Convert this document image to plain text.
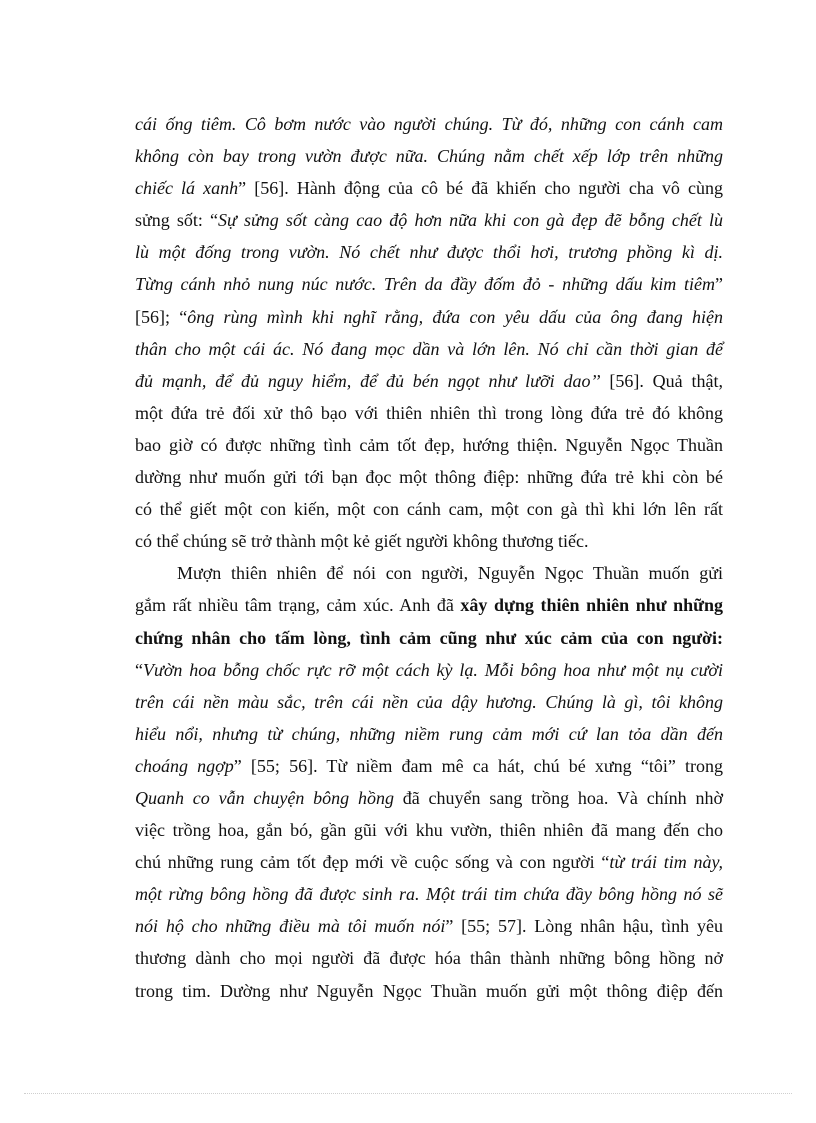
cái ống tiêm. Cô bơm nước vào người chúng. Từ đó, những con cánh cam
không còn bay trong vườn được nữa. Chúng nằm chết xếp lớp trên những
chiếc lá xanh” [56]. Hành động của cô bé đã khiến cho người cha vô cùng
sửng sốt: “Sự sửng sốt càng cao độ hơn nữa khi con gà đẹp đẽ bỗng chết lù
lù một đống trong vườn. Nó chết như được thổi hơi, trương phồng kì dị.
Từng cánh nhỏ nung núc nước. Trên da đầy đốm đỏ - những dấu kim tiêm”
[56]; “ông rùng mình khi nghĩ rằng, đứa con yêu dấu của ông đang hiện
thân cho một cái ác. Nó đang mọc dần và lớn lên. Nó chỉ cần thời gian để
đủ mạnh, để đủ nguy hiểm, để đủ bén ngọt như lưỡi dao’’ [56]. Quả thật,
một đứa trẻ đối xử thô bạo với thiên nhiên thì trong lòng đứa trẻ đó không
bao giờ có được những tình cảm tốt đẹp, hướng thiện. Nguyễn Ngọc Thuần
dường như muốn gửi tới bạn đọc một thông điệp: những đứa trẻ khi còn bé
có thể giết một con kiến, một con cánh cam, một con gà thì khi lớn lên rất
có thể chúng sẽ trở thành một kẻ giết người không thương tiếc.
Mượn thiên nhiên để nói con người, Nguyễn Ngọc Thuần muốn gửi
gắm rất nhiều tâm trạng, cảm xúc. Anh đã xây dựng thiên nhiên như những
chứng nhân cho tấm lòng, tình cảm cũng như xúc cảm của con người:
“Vườn hoa bỗng chốc rực rỡ một cách kỳ lạ. Mỗi bông hoa như một nụ cười
trên cái nền màu sắc, trên cái nền của dậy hương. Chúng là gì, tôi không
hiểu nổi, nhưng từ chúng, những niềm rung cảm mới cứ lan tỏa dần đến
choáng ngợp” [55; 56]. Từ niềm đam mê ca hát, chú bé xưng “tôi” trong
Quanh co vẫn chuyện bông hồng đã chuyển sang trồng hoa. Và chính nhờ
việc trồng hoa, gắn bó, gần gũi với khu vườn, thiên nhiên đã mang đến cho
chú những rung cảm tốt đẹp mới về cuộc sống và con người “từ trái tim này,
một rừng bông hồng đã được sinh ra. Một trái tim chứa đầy bông hồng nó sẽ
nói hộ cho những điều mà tôi muốn nói” [55; 57]. Lòng nhân hậu, tình yêu
thương dành cho mọi người đã được hóa thân thành những bông hồng nở
trong tim. Dường như Nguyễn Ngọc Thuần muốn gửi một thông điệp đến
